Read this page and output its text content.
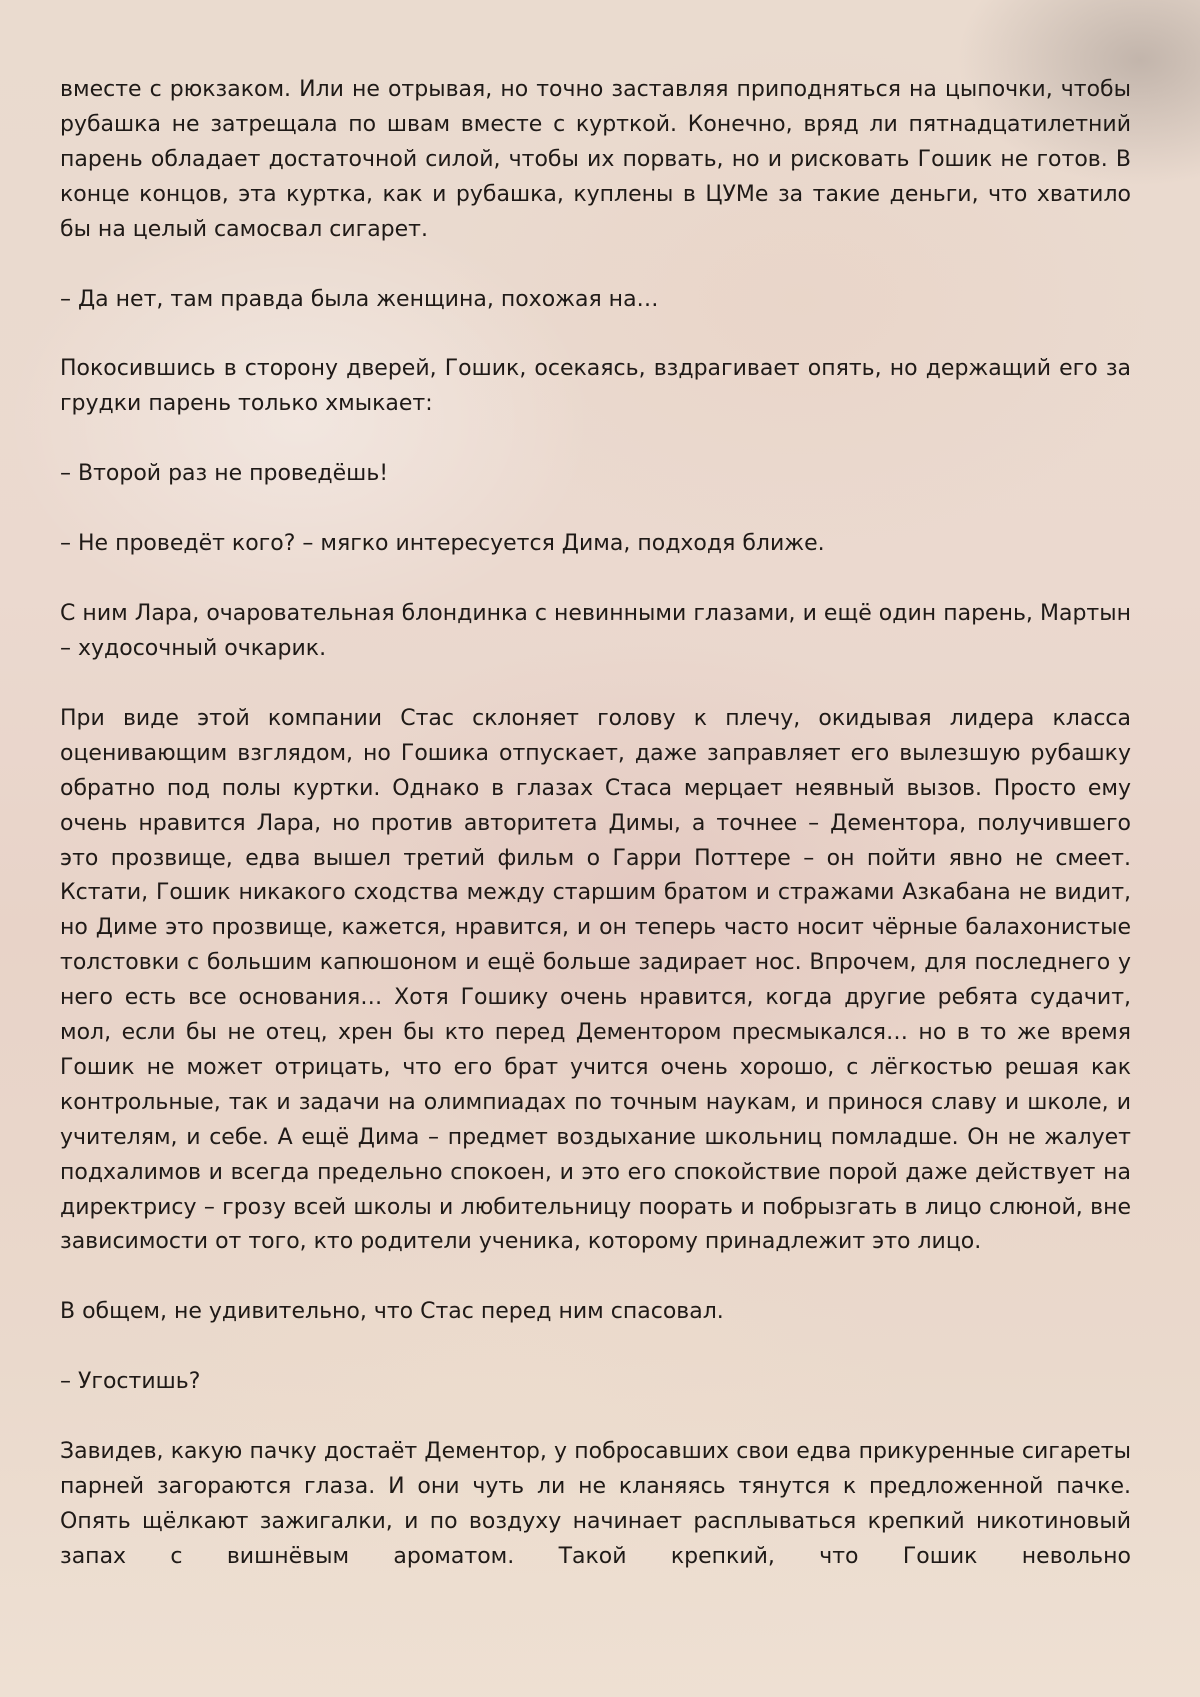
вместе с рюкзаком. Или не отрывая, но точно заставляя приподняться на цыпочки, чтобы рубашка не затрещала по швам вместе с курткой. Конечно, вряд ли пятнадцатилетний парень обладает достаточной силой, чтобы их порвать, но и рисковать Гошик не готов. В конце концов, эта куртка, как и рубашка, куплены в ЦУМе за такие деньги, что хватило бы на целый самосвал сигарет.

– Да нет, там правда была женщина, похожая на…

Покосившись в сторону дверей, Гошик, осекаясь, вздрагивает опять, но держащий его за грудки парень только хмыкает:

– Второй раз не проведёшь!

– Не проведёт кого? – мягко интересуется Дима, подходя ближе.

С ним Лара, очаровательная блондинка с невинными глазами, и ещё один парень, Мартын – худосочный очкарик.

При виде этой компании Стас склоняет голову к плечу, окидывая лидера класса оценивающим взглядом, но Гошика отпускает, даже заправляет его вылезшую рубашку обратно под полы куртки. Однако в глазах Стаса мерцает неявный вызов. Просто ему очень нравится Лара, но против авторитета Димы, а точнее – Дементора, получившего это прозвище, едва вышел третий фильм о Гарри Поттере – он пойти явно не смеет. Кстати, Гошик никакого сходства между старшим братом и стражами Азкабана не видит, но Диме это прозвище, кажется, нравится, и он теперь часто носит чёрные балахонистые толстовки с большим капюшоном и ещё больше задирает нос. Впрочем, для последнего у него есть все основания… Хотя Гошику очень нравится, когда другие ребята судачит, мол, если бы не отец, хрен бы кто перед Дементором пресмыкался… но в то же время Гошик не может отрицать, что его брат учится очень хорошо, с лёгкостью решая как контрольные, так и задачи на олимпиадах по точным наукам, и принося славу и школе, и учителям, и себе. А ещё Дима – предмет воздыхание школьниц помладше. Он не жалует подхалимов и всегда предельно спокоен, и это его спокойствие порой даже действует на директрису – грозу всей школы и любительницу поорать и побрызгать в лицо слюной, вне зависимости от того, кто родители ученика, которому принадлежит это лицо.

В общем, не удивительно, что Стас перед ним спасовал.

– Угостишь?

Завидев, какую пачку достаёт Дементор, у побросавших свои едва прикуренные сигареты парней загораются глаза. И они чуть ли не кланяясь тянутся к предложенной пачке. Опять щёлкают зажигалки, и по воздуху начинает расплываться крепкий никотиновый запах с вишнёвым ароматом. Такой крепкий, что Гошик невольно
